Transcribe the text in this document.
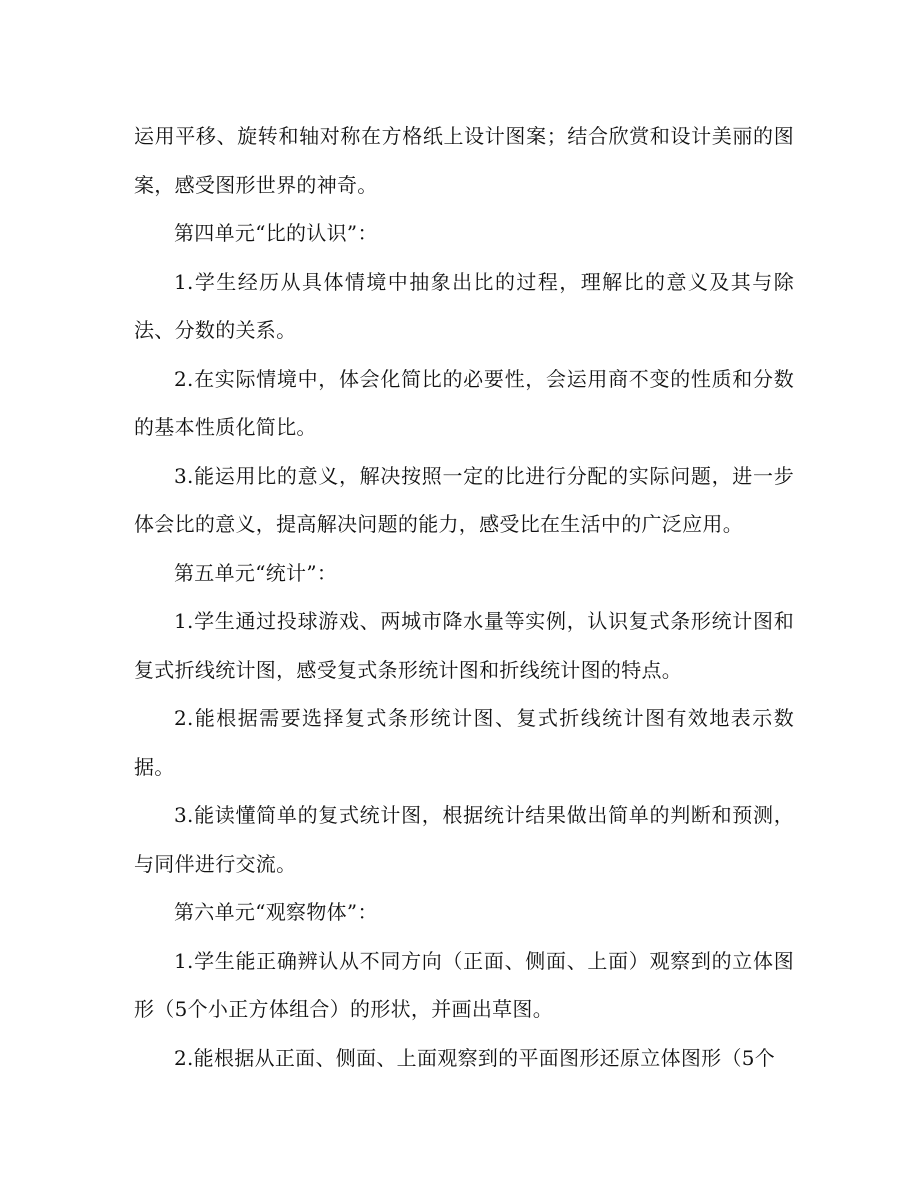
运用平移、旋转和轴对称在方格纸上设计图案；结合欣赏和设计美丽的图案，感受图形世界的神奇。

第四单元“比的认识”：

1.学生经历从具体情境中抽象出比的过程，理解比的意义及其与除法、分数的关系。

2.在实际情境中，体会化简比的必要性，会运用商不变的性质和分数的基本性质化简比。

3.能运用比的意义，解决按照一定的比进行分配的实际问题，进一步体会比的意义，提高解决问题的能力，感受比在生活中的广泛应用。

第五单元“统计”：

1.学生通过投球游戏、两城市降水量等实例，认识复式条形统计图和复式折线统计图，感受复式条形统计图和折线统计图的特点。

2.能根据需要选择复式条形统计图、复式折线统计图有效地表示数据。

3.能读懂简单的复式统计图，根据统计结果做出简单的判断和预测，与同伴进行交流。

第六单元“观察物体”：

1.学生能正确辨认从不同方向（正面、侧面、上面）观察到的立体图形（5个小正方体组合）的形状，并画出草图。

2.能根据从正面、侧面、上面观察到的平面图形还原立体图形（5个
